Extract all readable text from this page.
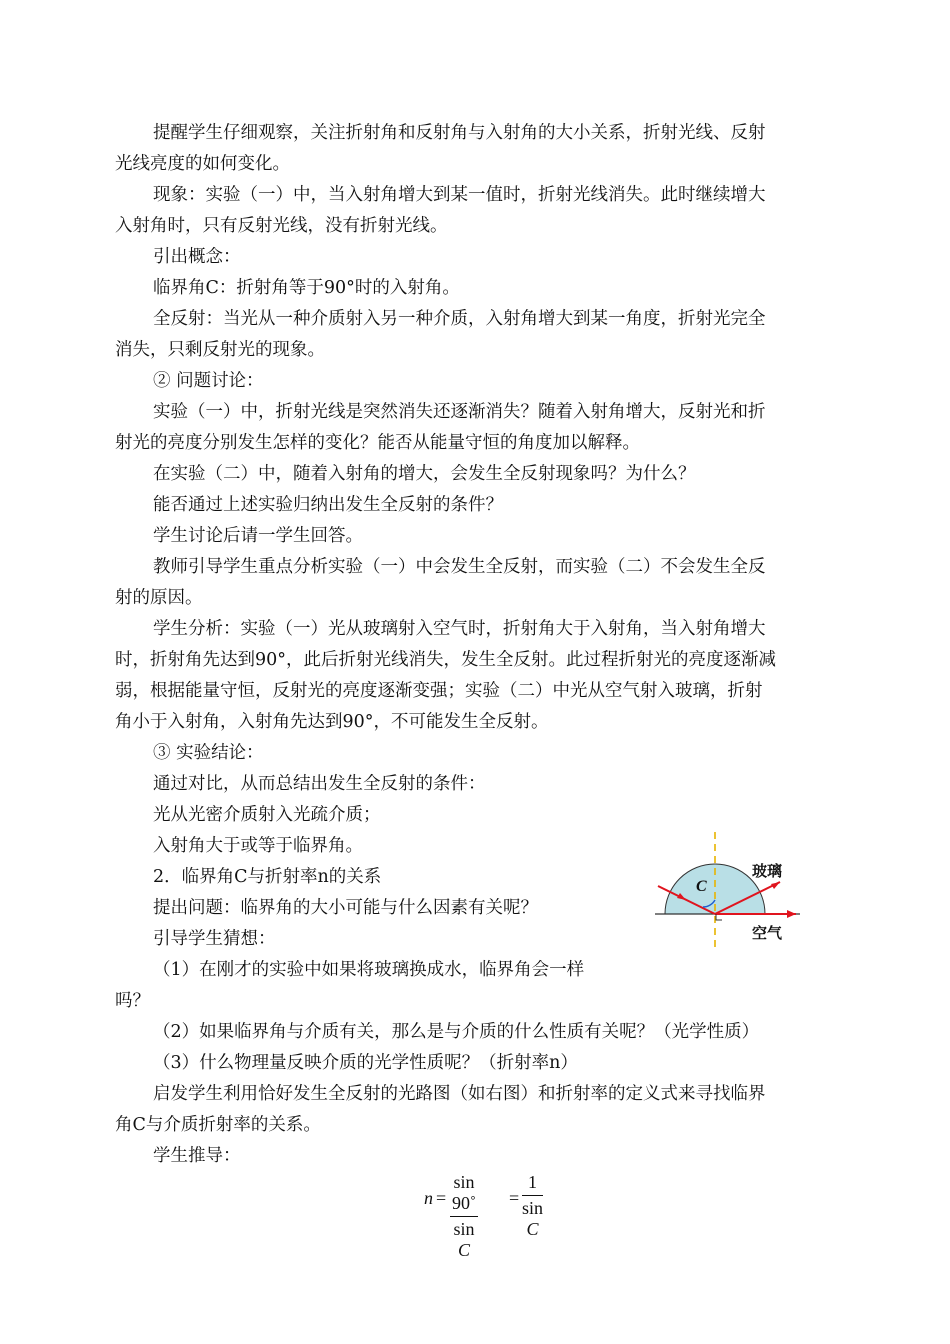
提醒学生仔细观察，关注折射角和反射角与入射角的大小关系，折射光线、反射

光线亮度的如何变化。

现象：实验（一）中，当入射角增大到某一值时，折射光线消失。此时继续增大

入射角时，只有反射光线，没有折射光线。

引出概念：

临界角C：折射角等于90°时的入射角。

全反射：当光从一种介质射入另一种介质，入射角增大到某一角度，折射光完全

消失，只剩反射光的现象。

② 问题讨论：

实验（一）中，折射光线是突然消失还逐渐消失？随着入射角增大，反射光和折

射光的亮度分别发生怎样的变化？能否从能量守恒的角度加以解释。

在实验（二）中，随着入射角的增大，会发生全反射现象吗？为什么？

能否通过上述实验归纳出发生全反射的条件？

学生讨论后请一学生回答。

教师引导学生重点分析实验（一）中会发生全反射，而实验（二）不会发生全反

射的原因。

学生分析：实验（一）光从玻璃射入空气时，折射角大于入射角，当入射角增大

时，折射角先达到90°，此后折射光线消失，发生全反射。此过程折射光的亮度逐渐减

弱，根据能量守恒，反射光的亮度逐渐变强；实验（二）中光从空气射入玻璃，折射

角小于入射角，入射角先达到90°，不可能发生全反射。

③ 实验结论：

通过对比，从而总结出发生全反射的条件：

光从光密介质射入光疏介质；

入射角大于或等于临界角。

2．临界角C与折射率n的关系

提出问题：临界角的大小可能与什么因素有关呢？

引导学生猜想：

（1）在刚才的实验中如果将玻璃换成水，临界角会一样

吗？

（2）如果临界角与介质有关，那么是与介质的什么性质有关呢？（光学性质）

（3）什么物理量反映介质的光学性质呢？（折射率n）

启发学生利用恰好发生全反射的光路图（如右图）和折射率的定义式来寻找临界

角C与介质折射率的关系。

学生推导：

C
玻璃
空气
$n = \frac{\sin 90˚}{\text{sin C}} = \frac{1}{\text{sin C}}$
